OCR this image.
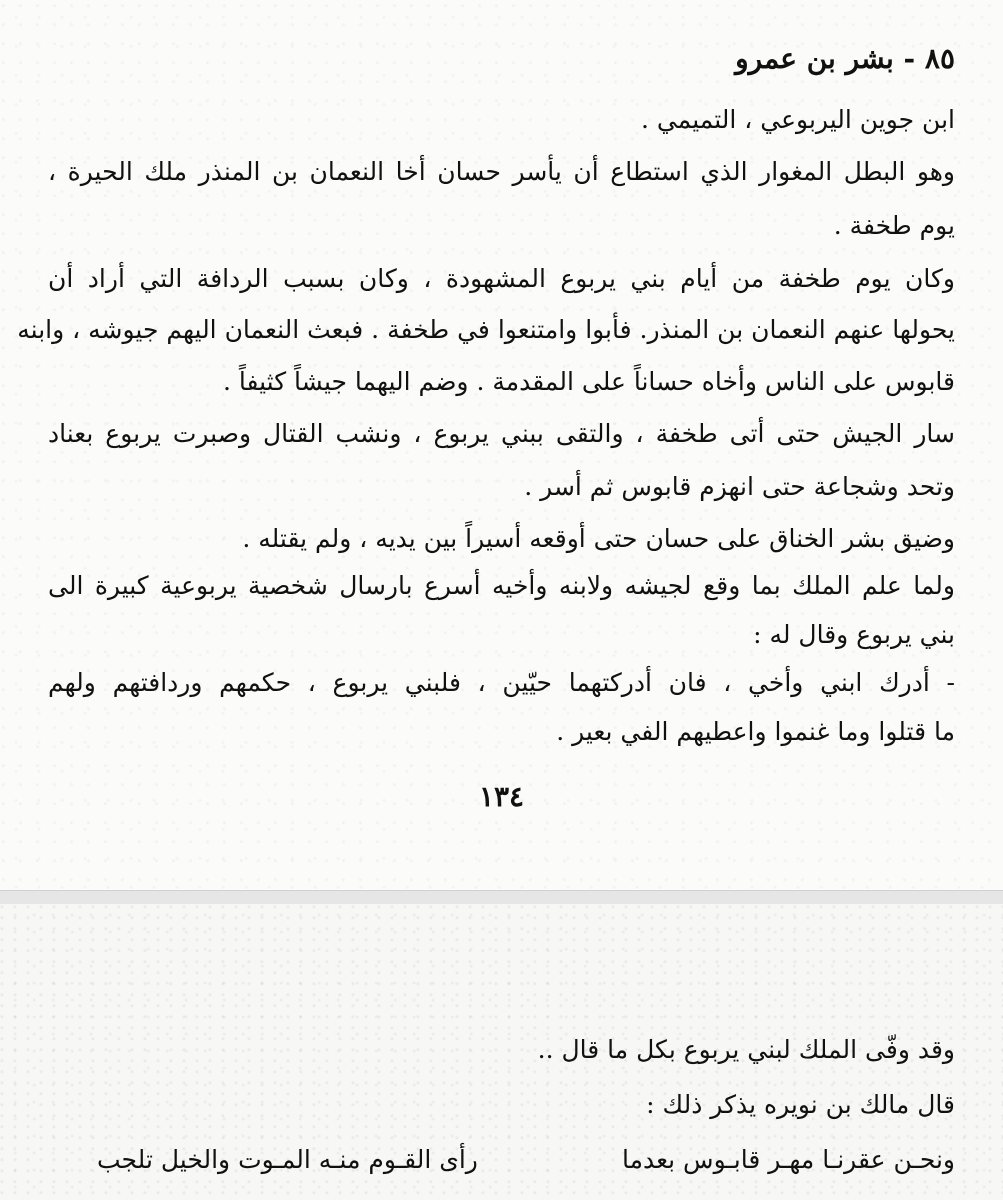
٨٥ - بشر بن عمرو
ابن جوين اليربوعي ، التميمي .
وهو البطل المغوار الذي استطاع أن يأسر حسان أخا النعمان بن المنذر ملك الحيرة ،
يوم طخفة .
وكان يوم طخفة من أيام بني يربوع المشهودة ، وكان بسبب الردافة التي أراد أن
يحولها عنهم النعمان بن المنذر. فأبوا وامتنعوا في طخفة . فبعث النعمان اليهم جيوشه ، وابنه
قابوس على الناس وأخاه حساناً على المقدمة . وضم اليهما جيشاً كثيفاً .
سار الجيش حتى أتى طخفة ، والتقى ببني يربوع ، ونشب القتال وصبرت يربوع بعناد
وتحد وشجاعة حتى انهزم قابوس ثم أسر .
وضيق بشر الخناق على حسان حتى أوقعه أسيراً بين يديه ، ولم يقتله .
ولما علم الملك بما وقع لجيشه ولابنه وأخيه أسرع بارسال شخصية يربوعية كبيرة الى
بني يربوع وقال له :
- أدرك ابني وأخي ، فان أدركتهما حيّين ، فلبني يربوع ، حكمهم وردافتهم ولهم
ما قتلوا وما غنموا واعطيهم الفي بعير .
١٣٤
وقد وفّى الملك لبني يربوع بكل ما قال ..
قال مالك بن نويره يذكر ذلك :
ونحـن عقرنـا مهـر قابـوس بعدما
رأى القـوم منـه المـوت والخيل تلجب
